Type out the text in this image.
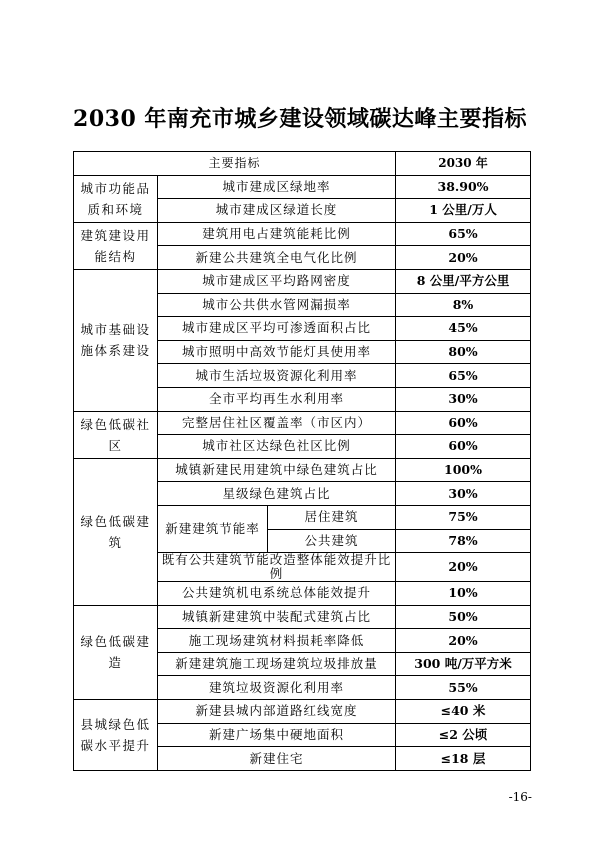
2030 年南充市城乡建设领域碳达峰主要指标
主要指标			2030 年
城市功能品质和环境	城市建成区绿地率		38.90%
	城市建成区绿道长度		1 公里/万人
建筑建设用能结构	建筑用电占建筑能耗比例		65%
	新建公共建筑全电气化比例		20%
城市基础设施体系建设	城市建成区平均路网密度		8 公里/平方公里
	城市公共供水管网漏损率		8%
	城市建成区平均可渗透面积占比		45%
	城市照明中高效节能灯具使用率		80%
	城市生活垃圾资源化利用率		65%
	全市平均再生水利用率		30%
绿色低碳社区	完整居住社区覆盖率（市区内）		60%
	城市社区达绿色社区比例		60%
绿色低碳建筑	城镇新建民用建筑中绿色建筑占比		100%
	星级绿色建筑占比		30%
	新建建筑节能率	居住建筑	75%
		公共建筑	78%
	既有公共建筑节能改造整体能效提升比例		20%
	公共建筑机电系统总体能效提升		10%
绿色低碳建造	城镇新建建筑中装配式建筑占比		50%
	施工现场建筑材料损耗率降低		20%
	新建建筑施工现场建筑垃圾排放量		300 吨/万平方米
	建筑垃圾资源化利用率		55%
县城绿色低碳水平提升	新建县城内部道路红线宽度		≤40 米
	新建广场集中硬地面积		≤2 公顷
	新建住宅		≤18 层
-16-
